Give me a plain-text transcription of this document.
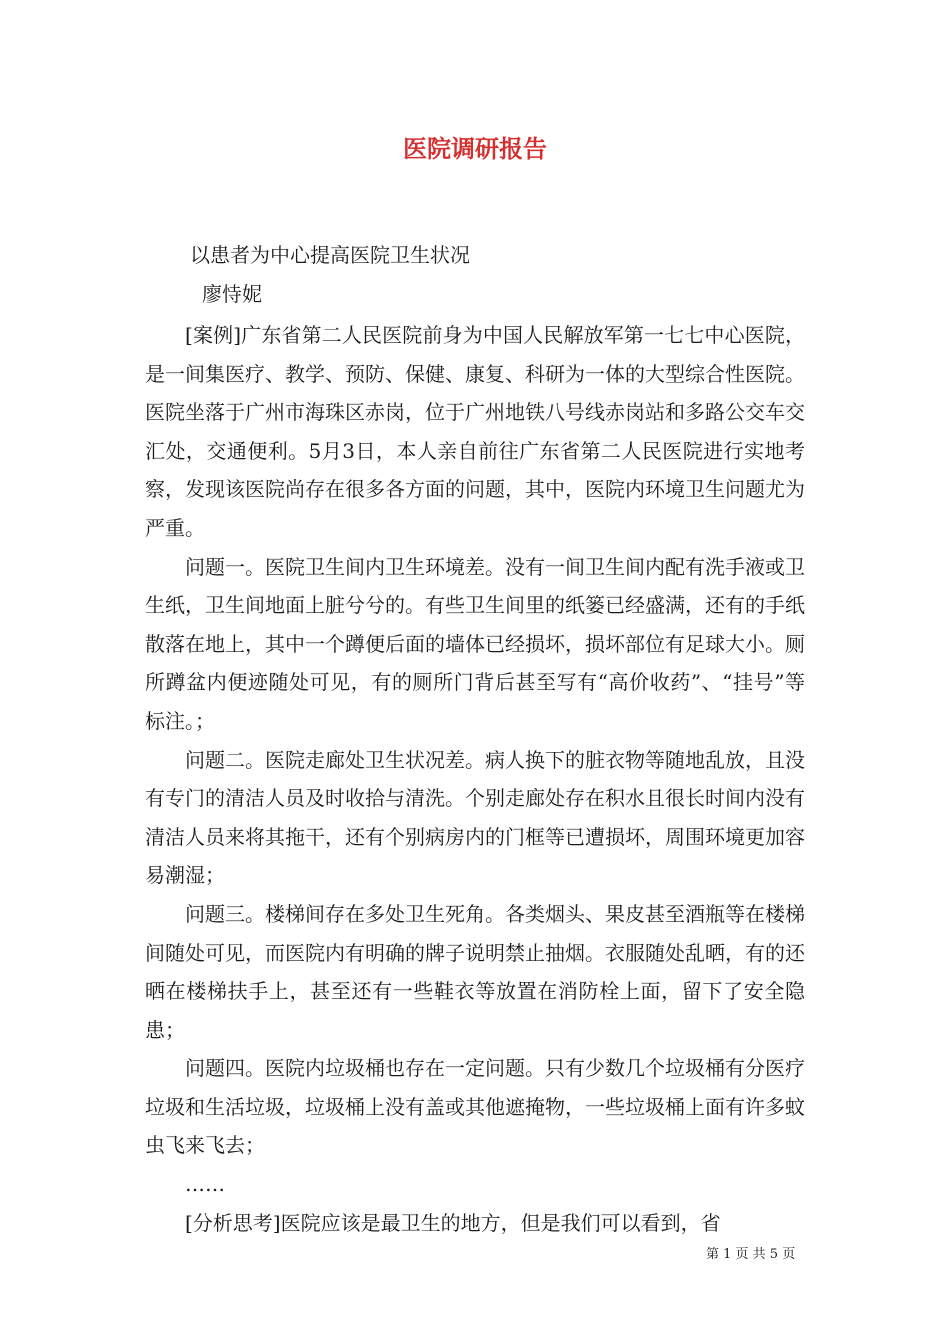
医院调研报告

以患者为中心提高医院卫生状况

廖恃妮

[案例]广东省第二人民医院前身为中国人民解放军第一七七中心医院，是一间集医疗、教学、预防、保健、康复、科研为一体的大型综合性医院。医院坐落于广州市海珠区赤岗，位于广州地铁八号线赤岗站和多路公交车交汇处，交通便利。5月3日，本人亲自前往广东省第二人民医院进行实地考察，发现该医院尚存在很多各方面的问题，其中，医院内环境卫生问题尤为严重。

问题一。医院卫生间内卫生环境差。没有一间卫生间内配有洗手液或卫生纸，卫生间地面上脏兮兮的。有些卫生间里的纸篓已经盛满，还有的手纸散落在地上，其中一个蹲便后面的墙体已经损坏，损坏部位有足球大小。厕所蹲盆内便迹随处可见，有的厕所门背后甚至写有“高价收药”、“挂号”等标注。；

问题二。医院走廊处卫生状况差。病人换下的脏衣物等随地乱放，且没有专门的清洁人员及时收拾与清洗。个别走廊处存在积水且很长时间内没有清洁人员来将其拖干，还有个别病房内的门框等已遭损坏，周围环境更加容易潮湿；

问题三。楼梯间存在多处卫生死角。各类烟头、果皮甚至酒瓶等在楼梯间随处可见，而医院内有明确的牌子说明禁止抽烟。衣服随处乱晒，有的还晒在楼梯扶手上，甚至还有一些鞋衣等放置在消防栓上面，留下了安全隐患；

问题四。医院内垃圾桶也存在一定问题。只有少数几个垃圾桶有分医疗垃圾和生活垃圾，垃圾桶上没有盖或其他遮掩物，一些垃圾桶上面有许多蚊虫飞来飞去；

……

[分析思考]医院应该是最卫生的地方，但是我们可以看到，省

第 1 页 共 5 页
